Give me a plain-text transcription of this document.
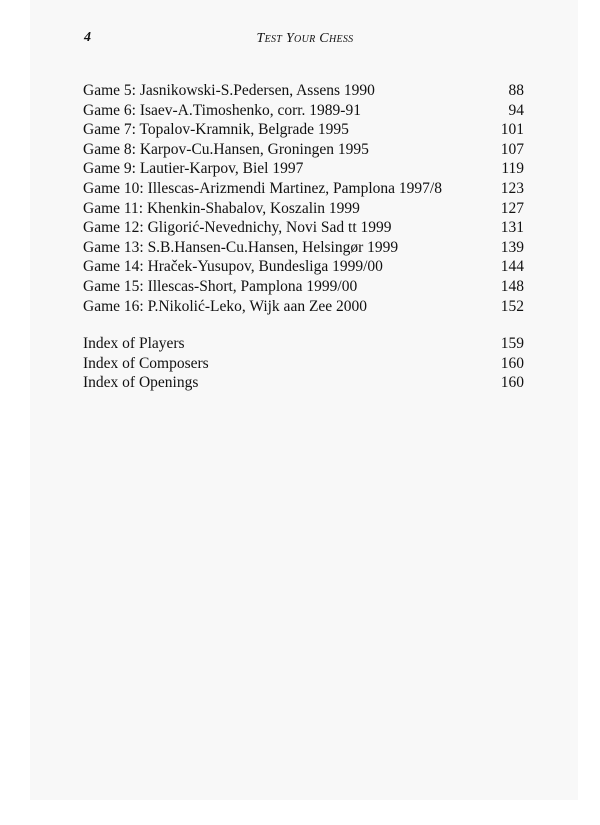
4	Test Your Chess
Game 5: Jasnikowski-S.Pedersen, Assens 1990	88
Game 6: Isaev-A.Timoshenko, corr. 1989-91	94
Game 7: Topalov-Kramnik, Belgrade 1995	101
Game 8: Karpov-Cu.Hansen, Groningen 1995	107
Game 9: Lautier-Karpov, Biel 1997	119
Game 10: Illescas-Arizmendi Martinez, Pamplona 1997/8	123
Game 11: Khenkin-Shabalov, Koszalin 1999	127
Game 12: Gligorić-Nevednichy, Novi Sad tt 1999	131
Game 13: S.B.Hansen-Cu.Hansen, Helsingør 1999	139
Game 14: Hraček-Yusupov, Bundesliga 1999/00	144
Game 15: Illescas-Short, Pamplona 1999/00	148
Game 16: P.Nikolić-Leko, Wijk aan Zee 2000	152
Index of Players	159
Index of Composers	160
Index of Openings	160
